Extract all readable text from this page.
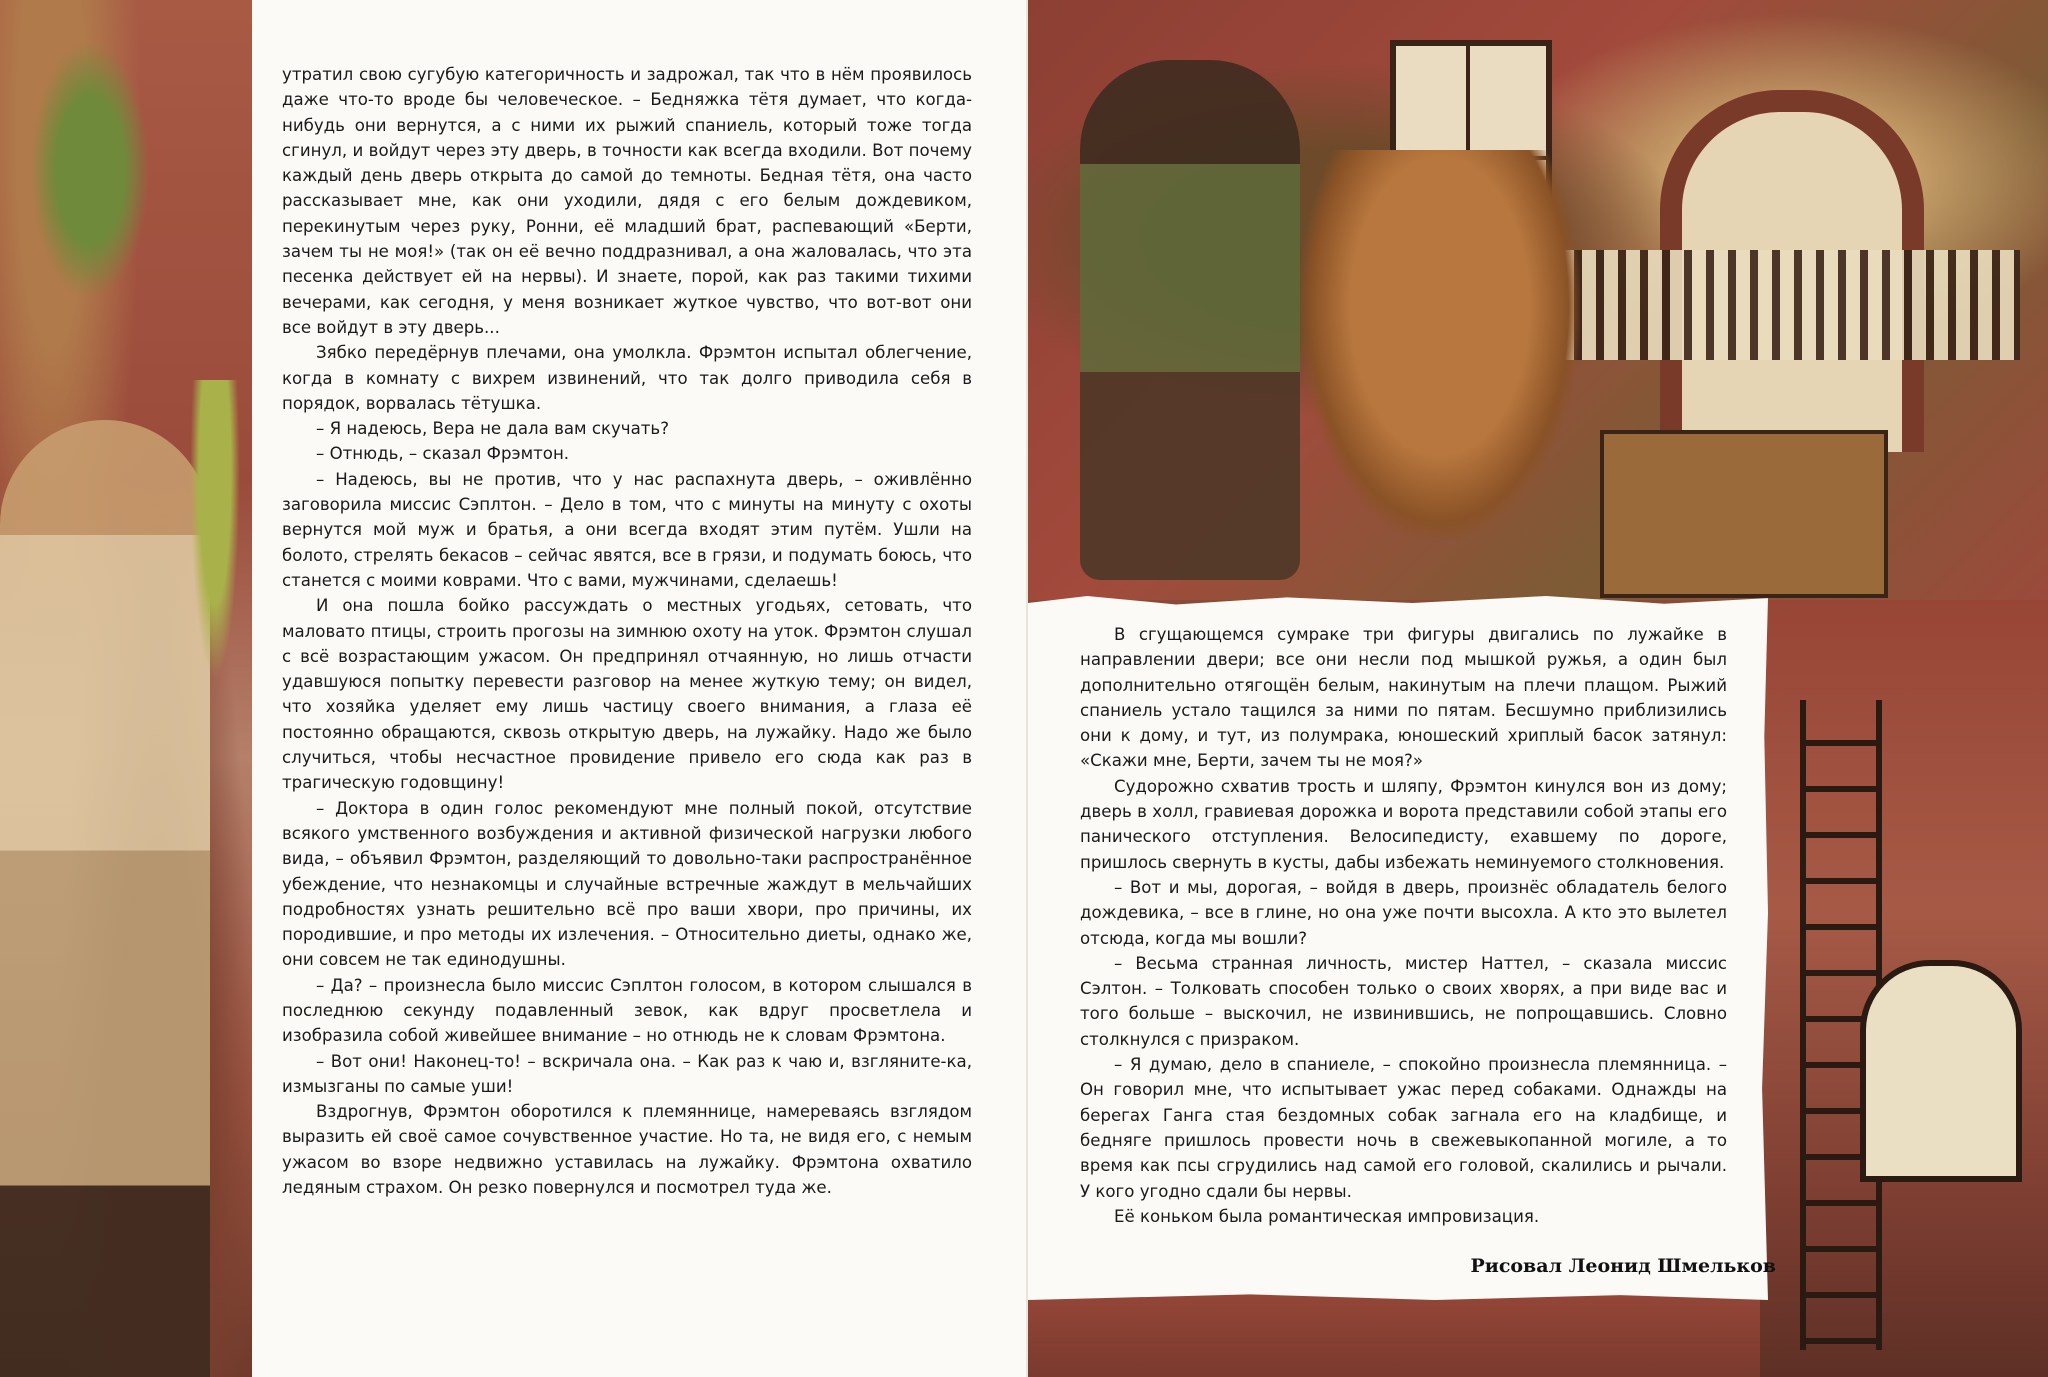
утратил свою сугубую категоричность и задрожал, так что в нём проявилось даже что-то вроде бы человеческое. – Бедняжка тётя думает, что когда-нибудь они вернутся, а с ними их рыжий спаниель, который тоже тогда сгинул, и войдут через эту дверь, в точности как всегда входили. Вот почему каждый день дверь открыта до самой до темноты. Бедная тётя, она часто рассказывает мне, как они уходили, дядя с его белым дождевиком, перекинутым через руку, Ронни, её младший брат, распевающий «Берти, зачем ты не моя!» (так он её вечно поддразнивал, а она жаловалась, что эта песенка действует ей на нервы). И знаете, порой, как раз такими тихими вечерами, как сегодня, у меня возникает жуткое чувство, что вот-вот они все войдут в эту дверь...

Зябко передёрнув плечами, она умолкла. Фрэмтон испытал облегчение, когда в комнату с вихрем извинений, что так долго приводила себя в порядок, ворвалась тётушка.

– Я надеюсь, Вера не дала вам скучать?

– Отнюдь, – сказал Фрэмтон.

– Надеюсь, вы не против, что у нас распахнута дверь, – оживлённо заговорила миссис Сэплтон. – Дело в том, что с минуты на минуту с охоты вернутся мой муж и братья, а они всегда входят этим путём. Ушли на болото, стрелять бекасов – сейчас явятся, все в грязи, и подумать боюсь, что станется с моими коврами. Что с вами, мужчинами, сделаешь!

И она пошла бойко рассуждать о местных угодьях, сетовать, что маловато птицы, строить прогозы на зимнюю охоту на уток. Фрэмтон слушал с всё возрастающим ужасом. Он предпринял отчаянную, но лишь отчасти удавшуюся попытку перевести разговор на менее жуткую тему; он видел, что хозяйка уделяет ему лишь частицу своего внимания, а глаза её постоянно обращаются, сквозь открытую дверь, на лужайку. Надо же было случиться, чтобы несчастное провидение привело его сюда как раз в трагическую годовщину!

– Доктора в один голос рекомендуют мне полный покой, отсутствие всякого умственного возбуждения и активной физической нагрузки любого вида, – объявил Фрэмтон, разделяющий то довольно-таки распространённое убеждение, что незнакомцы и случайные встречные жаждут в мельчайших подробностях узнать решительно всё про ваши хвори, про причины, их породившие, и про методы их излечения. – Относительно диеты, однако же, они совсем не так единодушны.

– Да? – произнесла было миссис Сэплтон голосом, в котором слышался в последнюю секунду подавленный зевок, как вдруг просветлела и изобразила собой живейшее внимание – но отнюдь не к словам Фрэмтона.

– Вот они! Наконец-то! – вскричала она. – Как раз к чаю и, взгляните-ка, измызганы по самые уши!

Вздрогнув, Фрэмтон оборотился к племяннице, намереваясь взглядом выразить ей своё самое сочувственное участие. Но та, не видя его, с немым ужасом во взоре недвижно уставилась на лужайку. Фрэмтона охватило ледяным страхом. Он резко повернулся и посмотрел туда же.

В сгущающемся сумраке три фигуры двигались по лужайке в направлении двери; все они несли под мышкой ружья, а один был дополнительно отягощён белым, накинутым на плечи плащом. Рыжий спаниель устало тащился за ними по пятам. Бесшумно приблизились они к дому, и тут, из полумрака, юношеский хриплый басок затянул: «Скажи мне, Берти, зачем ты не моя?»

Судорожно схватив трость и шляпу, Фрэмтон кинулся вон из дому; дверь в холл, гравиевая дорожка и ворота представили собой этапы его панического отступления. Велосипедисту, ехавшему по дороге, пришлось свернуть в кусты, дабы избежать неминуемого столкновения.

– Вот и мы, дорогая, – войдя в дверь, произнёс обладатель белого дождевика, – все в глине, но она уже почти высохла. А кто это вылетел отсюда, когда мы вошли?

– Весьма странная личность, мистер Наттел, – сказала миссис Сэлтон. – Толковать способен только о своих хворях, а при виде вас и того больше – выскочил, не извинившись, не попрощавшись. Словно столкнулся с призраком.

– Я думаю, дело в спаниеле, – спокойно произнесла племянница. – Он говорил мне, что испытывает ужас перед собаками. Однажды на берегах Ганга стая бездомных собак загнала его на кладбище, и бедняге пришлось провести ночь в свежевыкопанной могиле, а то время как псы сгрудились над самой его головой, скалились и рычали. У кого угодно сдали бы нервы.

Её коньком была романтическая импровизация.

Рисовал Леонид Шмельков
